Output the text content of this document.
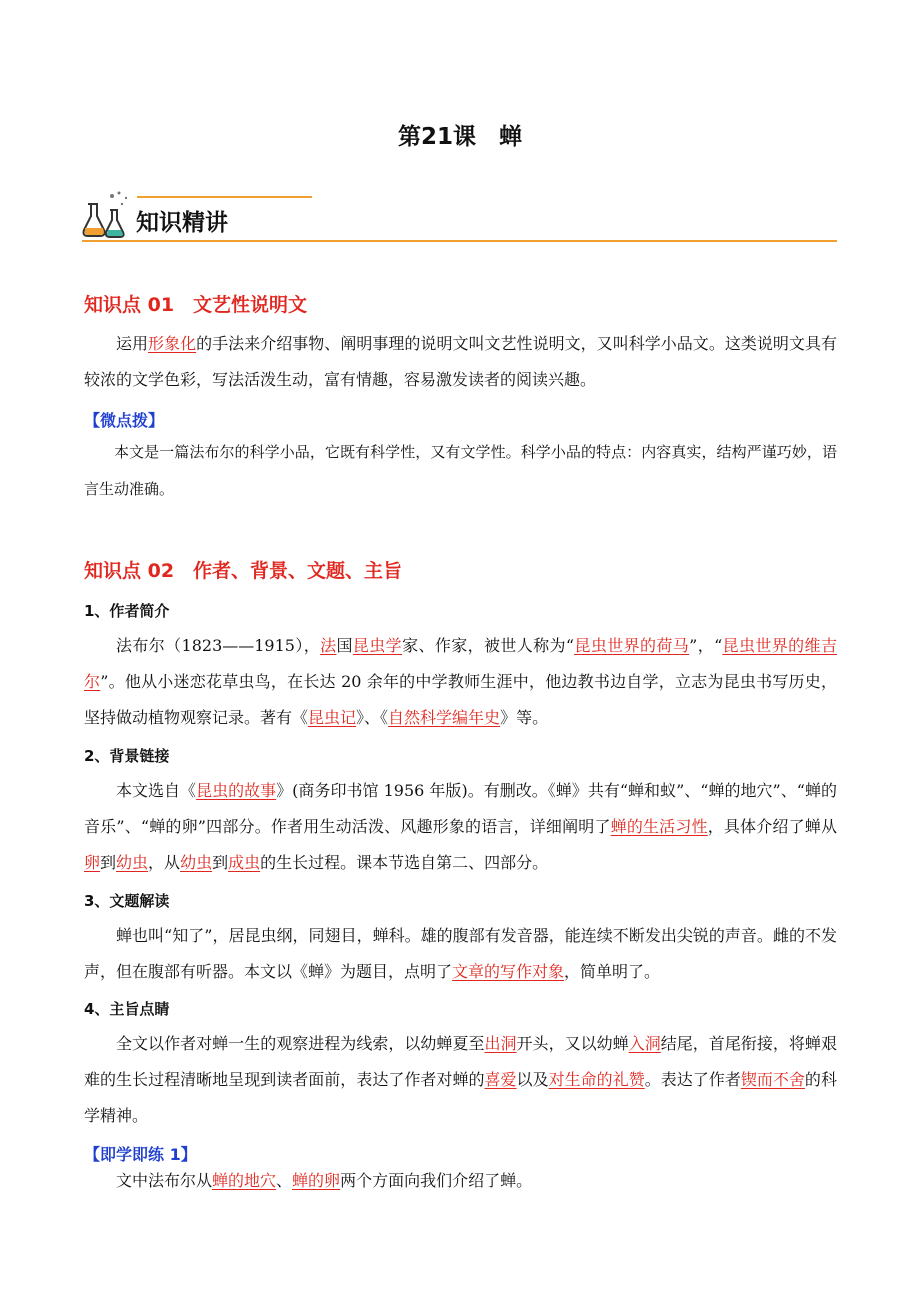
第21课　蝉
知识精讲
知识点 01　文艺性说明文
运用形象化的手法来介绍事物、阐明事理的说明文叫文艺性说明文，又叫科学小品文。这类说明文具有较浓的文学色彩，写法活泼生动，富有情趣，容易激发读者的阅读兴趣。
【微点拨】
本文是一篇法布尔的科学小品，它既有科学性，又有文学性。科学小品的特点：内容真实，结构严谨巧妙，语言生动准确。
知识点 02　作者、背景、文题、主旨
1、作者简介
法布尔（1823——1915），法国昆虫学家、作家，被世人称为“昆虫世界的荷马”，“昆虫世界的维吉尔”。他从小迷恋花草虫鸟，在长达 20 余年的中学教师生涯中，他边教书边自学，立志为昆虫书写历史，坚持做动植物观察记录。著有《昆虫记》、《自然科学编年史》等。
2、背景链接
本文选自《昆虫的故事》(商务印书馆 1956 年版)。有删改。《蝉》共有“蝉和蚁”、“蝉的地穴”、“蝉的音乐”、“蝉的卵”四部分。作者用生动活泼、风趣形象的语言，详细阐明了蝉的生活习性，具体介绍了蝉从卵到幼虫，从幼虫到成虫的生长过程。课本节选自第二、四部分。
3、文题解读
蝉也叫“知了”，居昆虫纲，同翅目，蝉科。雄的腹部有发音器，能连续不断发出尖锐的声音。雌的不发声，但在腹部有听器。本文以《蝉》为题目，点明了文章的写作对象，简单明了。
4、主旨点睛
全文以作者对蝉一生的观察进程为线索，以幼蝉夏至出洞开头，又以幼蝉入洞结尾，首尾衔接，将蝉艰难的生长过程清晰地呈现到读者面前，表达了作者对蝉的喜爱以及对生命的礼赞。表达了作者锲而不舍的科学精神。
【即学即练 1】
文中法布尔从蝉的地穴、蝉的卵两个方面向我们介绍了蝉。
